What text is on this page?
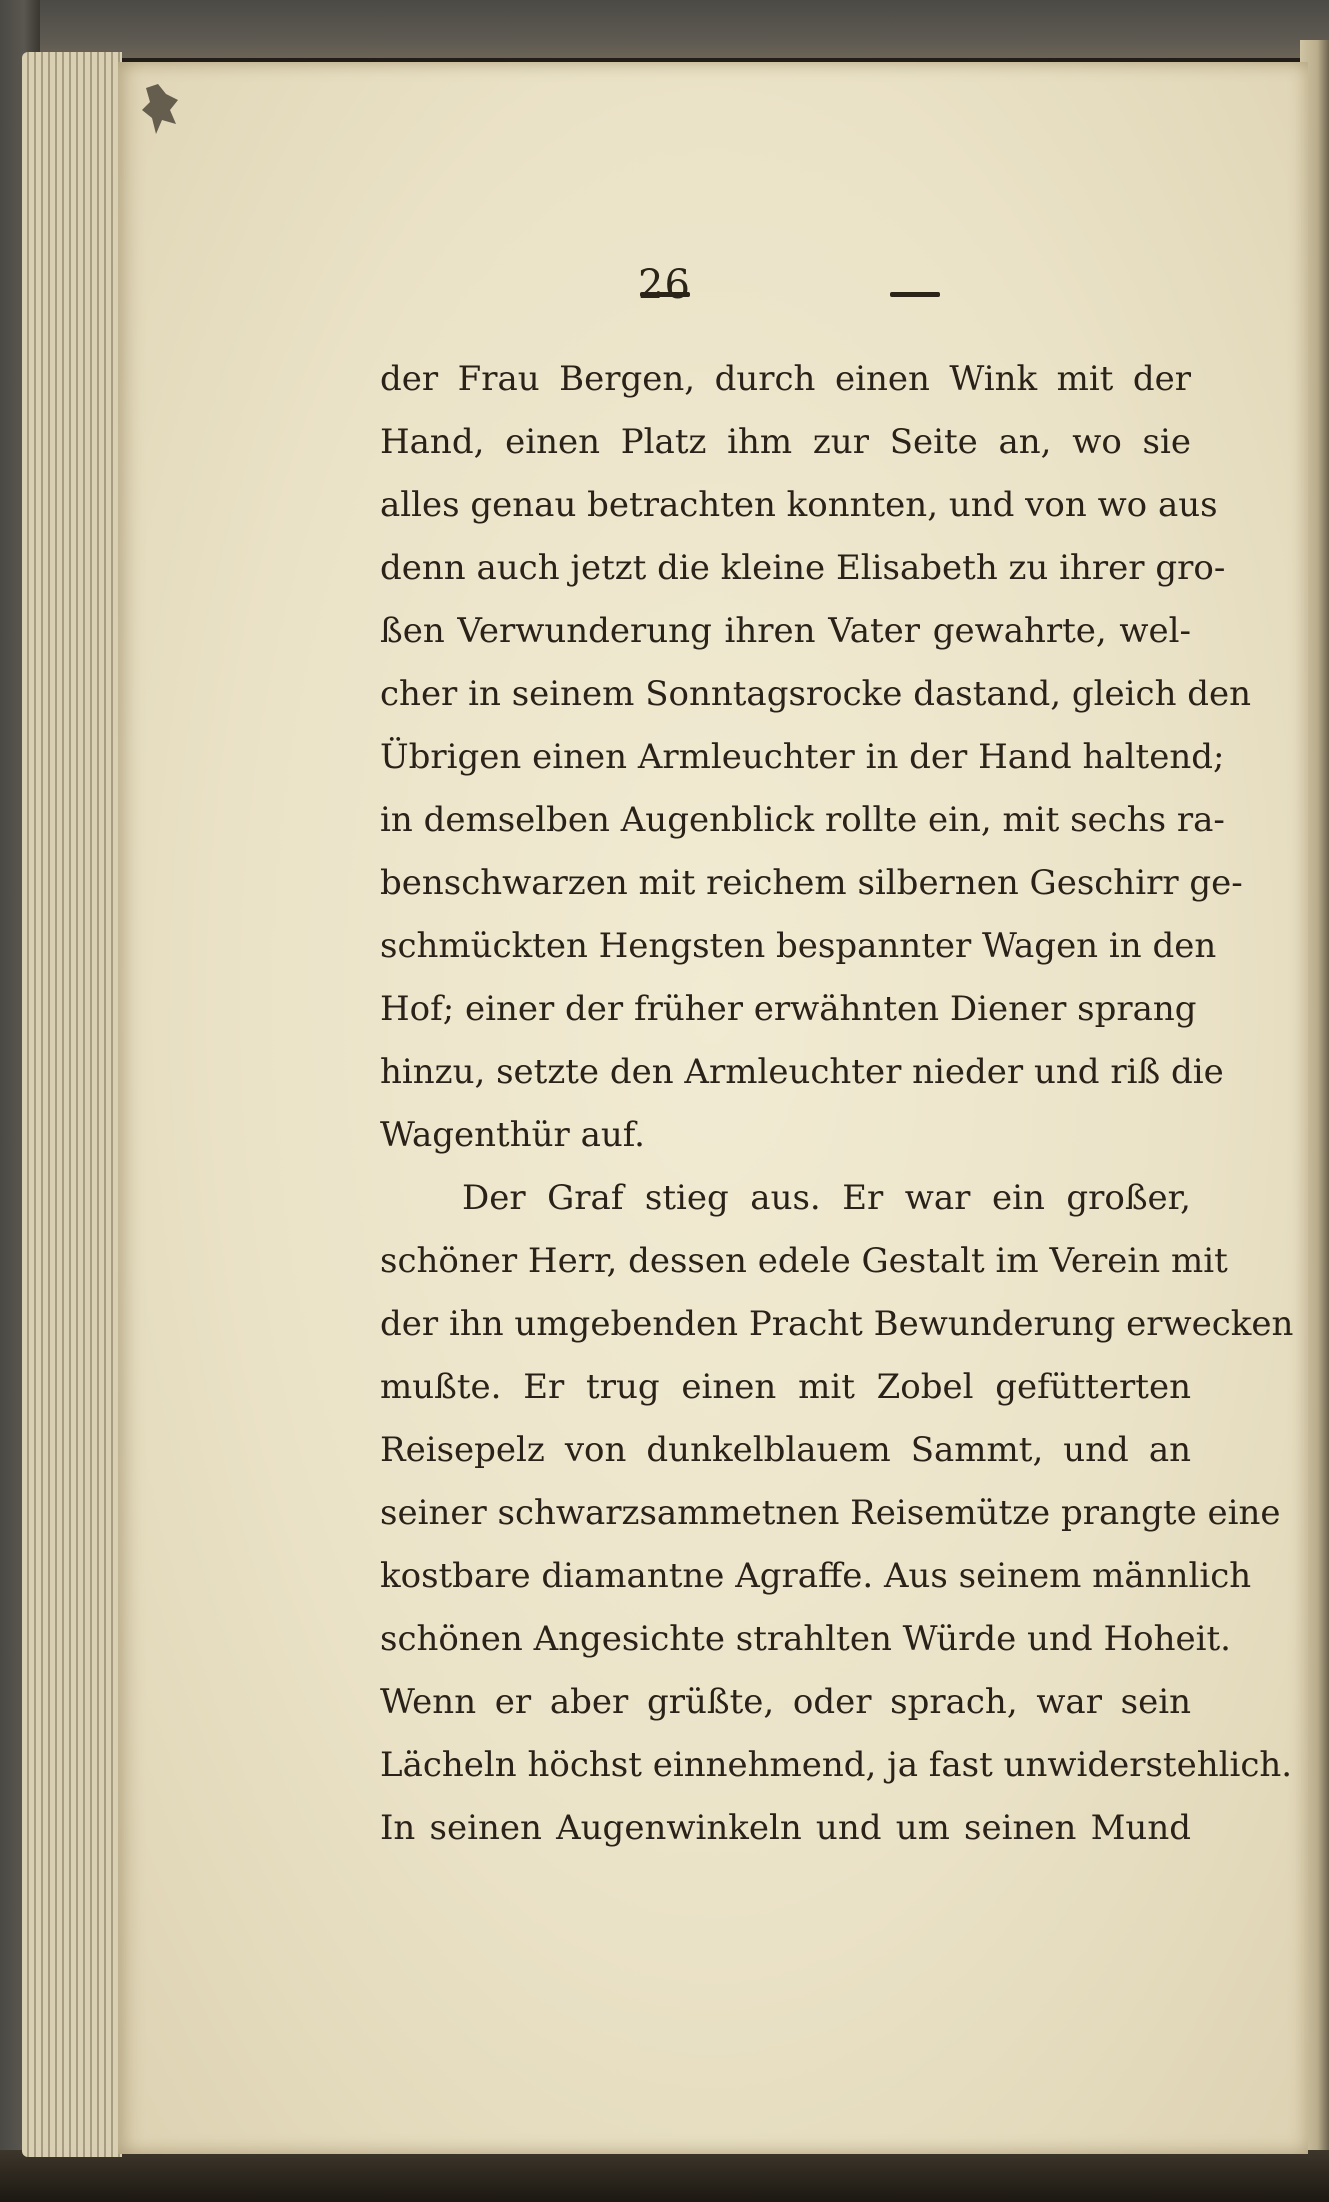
26
der Frau Bergen, durch einen Wink mit der
Hand, einen Platz ihm zur Seite an, wo sie
alles genau betrachten konnten, und von wo aus
denn auch jetzt die kleine Elisabeth zu ihrer gro-
ßen Verwunderung ihren Vater gewahrte, wel-
cher in seinem Sonntagsrocke dastand, gleich den
Übrigen einen Armleuchter in der Hand haltend;
in demselben Augenblick rollte ein, mit sechs ra-
benschwarzen mit reichem silbernen Geschirr ge-
schmückten Hengsten bespannter Wagen in den
Hof; einer der früher erwähnten Diener sprang
hinzu, setzte den Armleuchter nieder und riß die
Wagenthür auf.
Der Graf stieg aus. Er war ein großer,
schöner Herr, dessen edele Gestalt im Verein mit
der ihn umgebenden Pracht Bewunderung erwecken
mußte. Er trug einen mit Zobel gefütterten
Reisepelz von dunkelblauem Sammt, und an
seiner schwarzsammetnen Reisemütze prangte eine
kostbare diamantne Agraffe. Aus seinem männlich
schönen Angesichte strahlten Würde und Hoheit.
Wenn er aber grüßte, oder sprach, war sein
Lächeln höchst einnehmend, ja fast unwiderstehlich.
In seinen Augenwinkeln und um seinen Mund
